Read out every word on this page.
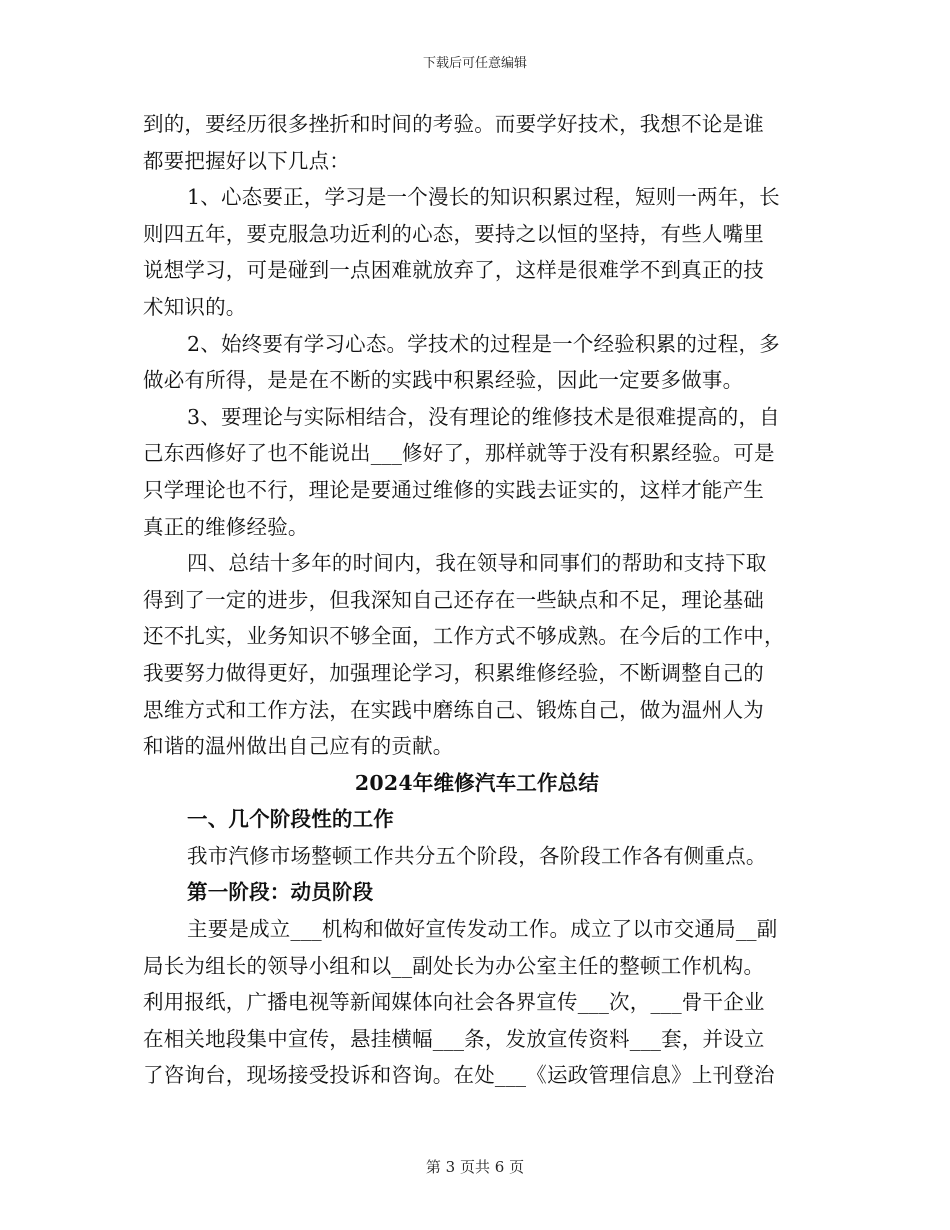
下载后可任意编辑
到的，要经历很多挫折和时间的考验。而要学好技术，我想不论是谁
都要把握好以下几点：
1、心态要正，学习是一个漫长的知识积累过程，短则一两年，长
则四五年，要克服急功近利的心态，要持之以恒的坚持，有些人嘴里
说想学习，可是碰到一点困难就放弃了，这样是很难学不到真正的技
术知识的。
2、始终要有学习心态。学技术的过程是一个经验积累的过程，多
做必有所得，是是在不断的实践中积累经验，因此一定要多做事。
3、要理论与实际相结合，没有理论的维修技术是很难提高的，自
己东西修好了也不能说出___修好了，那样就等于没有积累经验。可是
只学理论也不行，理论是要通过维修的实践去证实的，这样才能产生
真正的维修经验。
四、总结十多年的时间内，我在领导和同事们的帮助和支持下取
得到了一定的进步，但我深知自己还存在一些缺点和不足，理论基础
还不扎实，业务知识不够全面，工作方式不够成熟。在今后的工作中，
我要努力做得更好，加强理论学习，积累维修经验，不断调整自己的
思维方式和工作方法，在实践中磨练自己、锻炼自己，做为温州人为
和谐的温州做出自己应有的贡献。
2024年维修汽车工作总结
一、几个阶段性的工作
我市汽修市场整顿工作共分五个阶段，各阶段工作各有侧重点。
第一阶段：动员阶段
主要是成立___机构和做好宣传发动工作。成立了以市交通局__副
局长为组长的领导小组和以__副处长为办公室主任的整顿工作机构。
利用报纸，广播电视等新闻媒体向社会各界宣传___次，___骨干企业
在相关地段集中宣传，悬挂横幅___条，发放宣传资料___套，并设立
了咨询台，现场接受投诉和咨询。在处___《运政管理信息》上刊登治
第 3 页共 6 页
